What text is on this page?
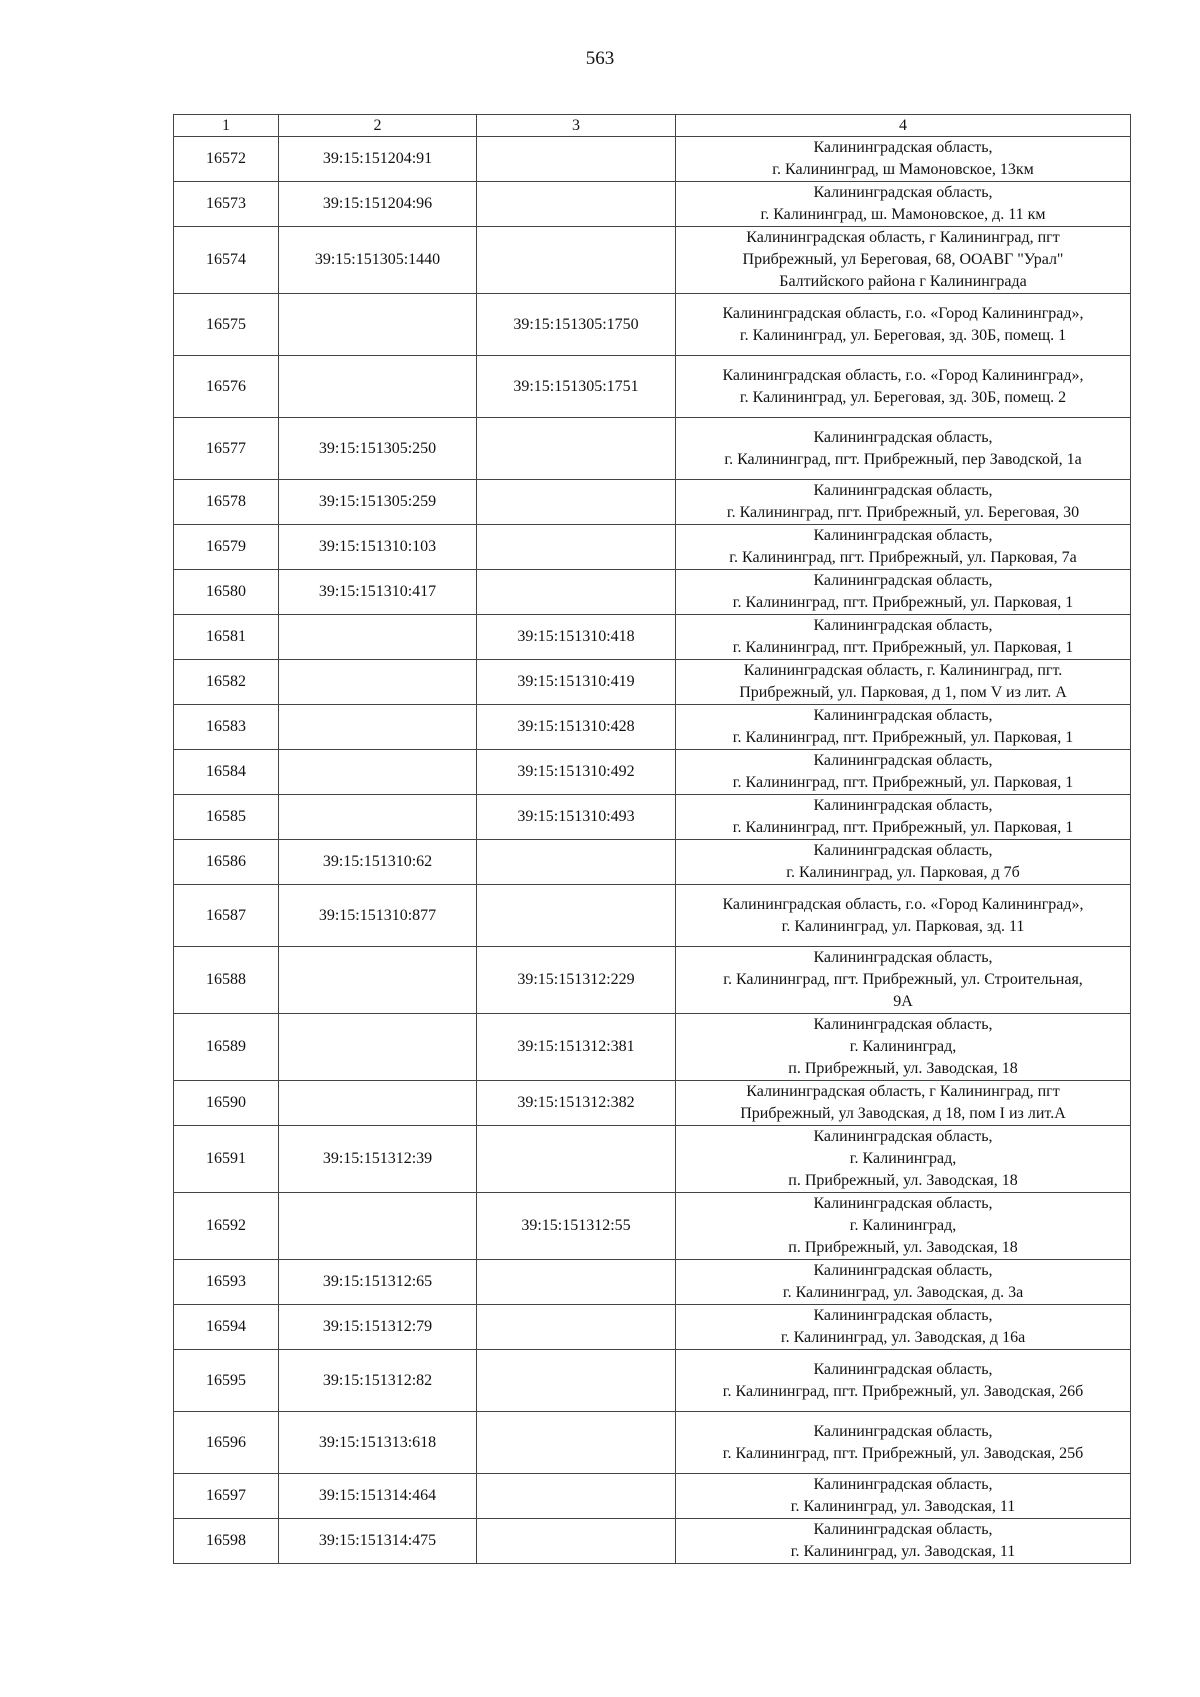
563
1	2	3	4
16572	39:15:151204:91		Калининградская область,
г. Калининград, ш Мамоновское, 13км

16573	39:15:151204:96		Калининградская область,
г. Калининград, ш. Мамоновское, д. 11 км

16574	39:15:151305:1440		Калининградская область, г Калининград, пгт
Прибрежный, ул Береговая, 68, ООАВГ "Урал"
Балтийского района г Калининграда

16575		39:15:151305:1750	Калининградская область, г.о. «Город Калининград»,
г. Калининград, ул. Береговая, зд. 30Б, помещ. 1

16576		39:15:151305:1751	Калининградская область, г.о. «Город Калининград»,
г. Калининград, ул. Береговая, зд. 30Б, помещ. 2

16577	39:15:151305:250		Калининградская область,
г. Калининград, пгт. Прибрежный, пер Заводской, 1а

16578	39:15:151305:259		Калининградская область,
г. Калининград, пгт. Прибрежный, ул. Береговая, 30

16579	39:15:151310:103		Калининградская область,
г. Калининград, пгт. Прибрежный, ул. Парковая, 7а

16580	39:15:151310:417		Калининградская область,
г. Калининград, пгт. Прибрежный, ул. Парковая, 1

16581		39:15:151310:418	Калининградская область,
г. Калининград, пгт. Прибрежный, ул. Парковая, 1

16582		39:15:151310:419	Калининградская область, г. Калининград, пгт.
Прибрежный, ул. Парковая, д 1, пом V из лит. А

16583		39:15:151310:428	Калининградская область,
г. Калининград, пгт. Прибрежный, ул. Парковая, 1

16584		39:15:151310:492	Калининградская область,
г. Калининград, пгт. Прибрежный, ул. Парковая, 1

16585		39:15:151310:493	Калининградская область,
г. Калининград, пгт. Прибрежный, ул. Парковая, 1

16586	39:15:151310:62		Калининградская область,
г. Калининград, ул. Парковая, д 7б

16587	39:15:151310:877		Калининградская область, г.о. «Город Калининград»,
г. Калининград, ул. Парковая, зд. 11

16588		39:15:151312:229	Калининградская область,
г. Калининград, пгт. Прибрежный, ул. Строительная,
9А

16589		39:15:151312:381	Калининградская область,
г. Калининград,
п. Прибрежный, ул. Заводская, 18

16590		39:15:151312:382	Калининградская область, г Калининград, пгт
Прибрежный, ул Заводская, д 18, пом I из лит.А

16591	39:15:151312:39		Калининградская область,
г. Калининград,
п. Прибрежный, ул. Заводская, 18

16592		39:15:151312:55	Калининградская область,
г. Калининград,
п. Прибрежный, ул. Заводская, 18

16593	39:15:151312:65		Калининградская область,
г. Калининград, ул. Заводская, д. 3а

16594	39:15:151312:79		Калининградская область,
г. Калининград, ул. Заводская, д 16а

16595	39:15:151312:82		Калининградская область,
г. Калининград, пгт. Прибрежный, ул. Заводская, 26б

16596	39:15:151313:618		Калининградская область,
г. Калининград, пгт. Прибрежный, ул. Заводская, 25б

16597	39:15:151314:464		Калининградская область,
г. Калининград, ул. Заводская, 11

16598	39:15:151314:475		Калининградская область,
г. Калининград, ул. Заводская, 11
